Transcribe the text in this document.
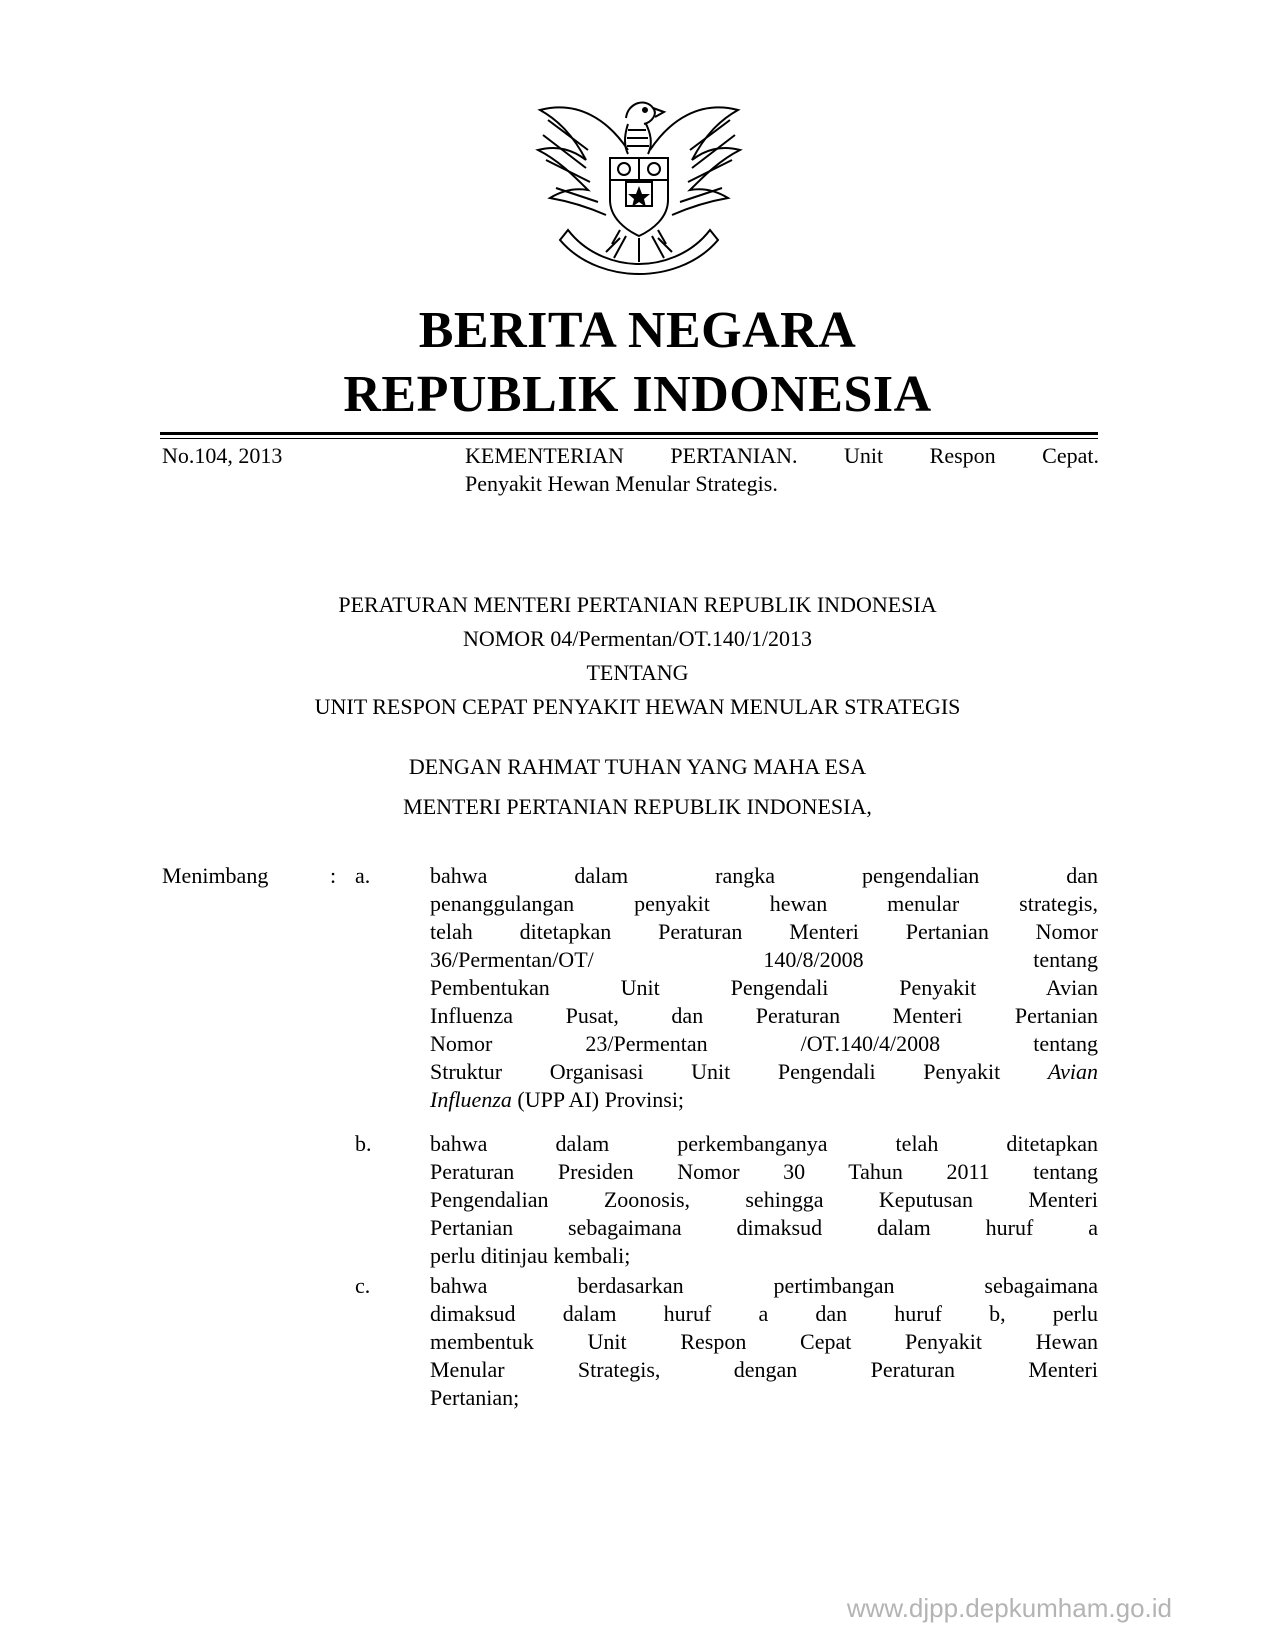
BERITA NEGARA
REPUBLIK INDONESIA
No.104, 2013	KEMENTERIAN PERTANIAN. Unit Respon Cepat.
Penyakit Hewan Menular Strategis.
PERATURAN MENTERI PERTANIAN REPUBLIK INDONESIA
NOMOR 04/Permentan/OT.140/1/2013
TENTANG
UNIT RESPON CEPAT PENYAKIT HEWAN MENULAR STRATEGIS
DENGAN RAHMAT TUHAN YANG MAHA ESA
MENTERI PERTANIAN REPUBLIK INDONESIA,
Menimbang	: a.	bahwa dalam rangka pengendalian dan
penanggulangan penyakit hewan menular strategis,
telah ditetapkan Peraturan Menteri Pertanian Nomor
36/Permentan/OT/ 140/8/2008 tentang
Pembentukan Unit Pengendali Penyakit Avian
Influenza Pusat, dan Peraturan Menteri Pertanian
Nomor 23/Permentan /OT.140/4/2008 tentang
Struktur Organisasi Unit Pengendali Penyakit Avian
Influenza (UPP AI) Provinsi;
b.	bahwa dalam perkembanganya telah ditetapkan
Peraturan Presiden Nomor 30 Tahun 2011 tentang
Pengendalian Zoonosis, sehingga Keputusan Menteri
Pertanian sebagaimana dimaksud dalam huruf a
perlu ditinjau kembali;
c.	bahwa berdasarkan pertimbangan sebagaimana
dimaksud dalam huruf a dan huruf b, perlu
membentuk Unit Respon Cepat Penyakit Hewan
Menular Strategis, dengan Peraturan Menteri
Pertanian;
www.djpp.depkumham.go.id
